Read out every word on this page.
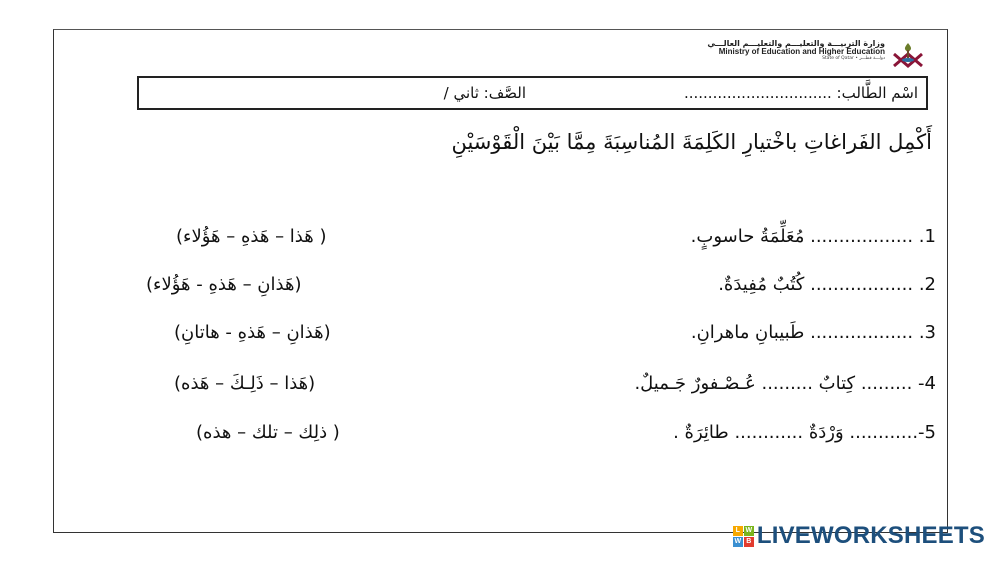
وزارة التربيـــة والتعليـــم والتعليـــم العالـــي
Ministry of Education and Higher Education
State of Qatar • دولـــة قطـــر
اسْم الطَّالب: ...............................
الصَّف: ثاني /
أَكْمِل الفَراغاتِ باخْتيارِ الكَلِمَةَ المُناسِبَةَ مِمَّا بَيْنَ الْقَوْسَيْنِ
1. .................. مُعَلِّمَةُ حاسوبٍ.
( هَذا – هَذهِ – هَؤُلاء)
2. .................. كُتُبٌ مُفِيدَةٌ.
(هَذانِ – هَذهِ - هَؤُلاء)
3. .................. طَبيبانِ ماهرانِ.
(هَذانِ – هَذهِ - هاتانِ)
4- ......... كِتابٌ ......... عُـصْـفورٌ جَـميلٌ.
(هَذا – ذَلِـكَ – هَذه)
5-............ وَرْدَةٌ ............ طائِرَةٌ .
( ذلِك – تلك – هذه)
L W
W B LIVEWORKSHEETS
